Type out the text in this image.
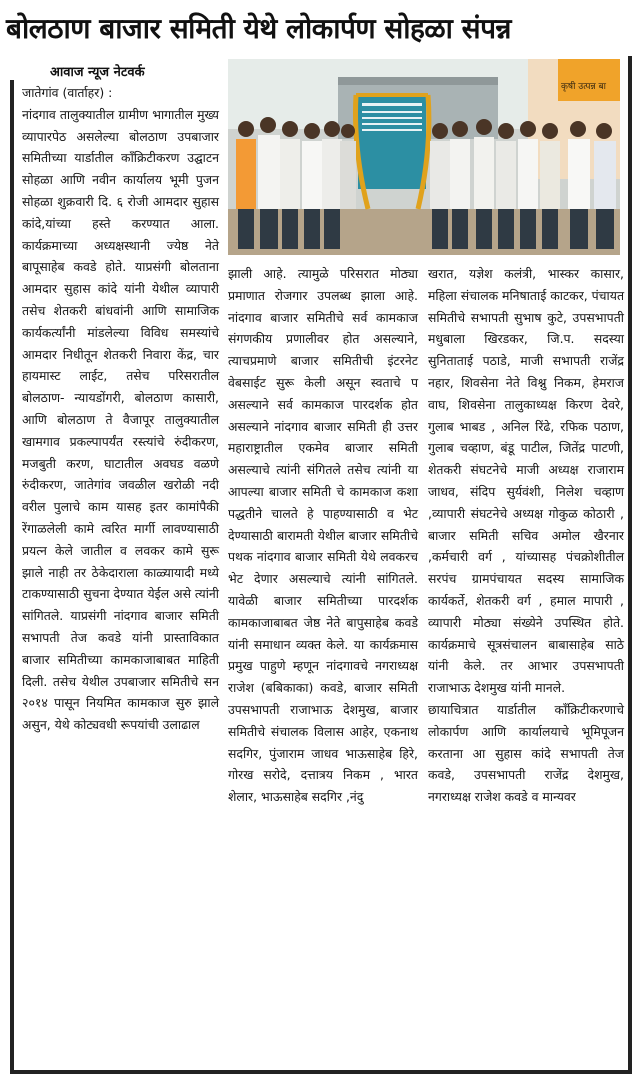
बोलठाण बाजार समिती येथे लोकार्पण सोहळा संपन्न
आवाज न्यूज नेटवर्क
कृषी उत्पन्न बा
जातेगांव (वार्ताहर) :
नांदगाव तालुक्यातील ग्रामीण भागातील मुख्य व्यापारपेठ असलेल्या बोलठाण उपबाजार समितीच्या यार्डातील कॉंक्रिटीकरण उद्घाटन सोहळा आणि नवीन कार्यालय भूमी पुजन सोहळा शुक्रवारी दि. ६ रोजी आमदार सुहास कांदे,यांच्या हस्ते करण्यात आला. कार्यक्रमाच्या अध्यक्षस्थानी ज्येष्ठ नेते बापूसाहेब कवडे होते. याप्रसंगी बोलताना आमदार सुहास कांदे यांनी येथील व्यापारी तसेच शेतकरी बांधवांनी आणि सामाजिक कार्यकर्त्यांनी मांडलेल्या विविध समस्यांचे आमदार निधीतून शेतकरी निवारा केंद्र, चार हायमास्ट लाईट, तसेच परिसरातील बोलठाण- न्यायडोंगरी, बोलठाण कासारी, आणि बोलठाण ते वैजापूर तालुक्यातील खामगाव प्रकल्पापर्यंत रस्त्यांचे रुंदीकरण, मजबुती करण, घाटातील अवघड वळणे रुंदीकरण, जातेगांव जवळील खरोळी नदी वरील पुलाचे काम यासह इतर कामांपैकी रेंगाळलेली कामे त्वरित मार्गी लावण्यासाठी प्रयत्न केले जातील व लवकर कामे सुरू झाले नाही तर ठेकेदाराला काळ्यायादी मध्ये टाकण्यासाठी सुचना देण्यात येईल असे त्यांनी सांगितले. याप्रसंगी नांदगाव बाजार समिती सभापती तेज कवडे यांनी प्रास्ताविकात बाजार समितीच्या कामकाजाबाबत माहिती दिली. तसेच येथील उपबाजार समितीचे सन २०१४ पासून नियमित कामकाज सुरु झाले असुन, येथे कोट्यवधी रूपयांची उलाढाल
झाली आहे. त्यामुळे परिसरात मोठ्या प्रमाणात रोजगार उपलब्ध झाला आहे. नांदगाव बाजार समितीचे सर्व कामकाज संगणकीय प्रणालीवर होत असल्याने, त्याचप्रमाणे बाजार समितीची इंटरनेट वेबसाईट सुरू केली असून स्वताचे प असल्याने सर्व कामकाज पारदर्शक होत असल्याने नांदगाव बाजार समिती ही उत्तर महाराष्ट्रातील एकमेव बाजार समिती असल्याचे त्यांनी संगितले तसेच त्यांनी या आपल्या बाजार समिती चे कामकाज कशा पद्धतीने चालते हे पाहण्यासाठी व भेट देण्यासाठी बारामती येथील बाजार समितीचे पथक नांदगाव बाजार समिती येथे लवकरच भेट देणार असल्याचे त्यांनी सांगितले. यावेळी बाजार समितीच्या पारदर्शक कामकाजाबाबत जेष्ठ नेते बापुसाहेब कवडे यांनी समाधान व्यक्त केले. या कार्यक्रमास प्रमुख पाहुणे म्हणून नांदगावचे नगराध्यक्ष राजेश (बबिकाका) कवडे, बाजार समिती उपसभापती राजाभाऊ देशमुख, बाजार समितीचे संचालक विलास आहेर, एकनाथ सदगिर, पुंजाराम जाधव भाऊसाहेब हिरे, गोरख सरोदे, दत्तात्रय निकम , भारत शेलार, भाऊसाहेब सदगिर ,नंदु
खरात, यज्ञेश कलंत्री, भास्कर कासार, महिला संचालक मनिषाताई काटकर, पंचायत समितीचे सभापती सुभाष कुटे, उपसभापती मधुबाला खिरडकर, जि.प. सदस्या सुनिताताई पठाडे, माजी सभापती राजेंद्र नहार, शिवसेना नेते विश्नु निकम, हेमराज वाघ, शिवसेना तालुकाध्यक्ष किरण देवरे, गुलाब भाबड , अनिल रिंढे, रफिक पठाण, गुलाब चव्हाण, बंडू पाटील, जितेंद्र पाटणी, शेतकरी संघटनेचे माजी अध्यक्ष राजाराम जाधव, संदिप सुर्यवंशी, निलेश चव्हाण ,व्यापारी संघटनेचे अध्यक्ष गोकुळ कोठारी , बाजार समिती सचिव अमोल खैरनार ,कर्मचारी वर्ग , यांच्यासह पंचक्रोशीतील सरपंच ग्रामपंचायत सदस्य सामाजिक कार्यकर्ते, शेतकरी वर्ग , हमाल मापारी , व्यापारी मोठ्या संख्येने उपस्थित होते. कार्यक्रमाचे सूत्रसंचालन बाबासाहेब साठे यांनी केले. तर आभार उपसभापती राजाभाऊ देशमुख यांनी मानले.
छायाचित्रात यार्डातील कॉंक्रिटीकरणाचे लोकार्पण आणि कार्यालयाचे भूमिपूजन करताना आ सुहास कांदे सभापती तेज कवडे, उपसभापती राजेंद्र देशमुख, नगराध्यक्ष राजेश कवडे व मान्यवर
